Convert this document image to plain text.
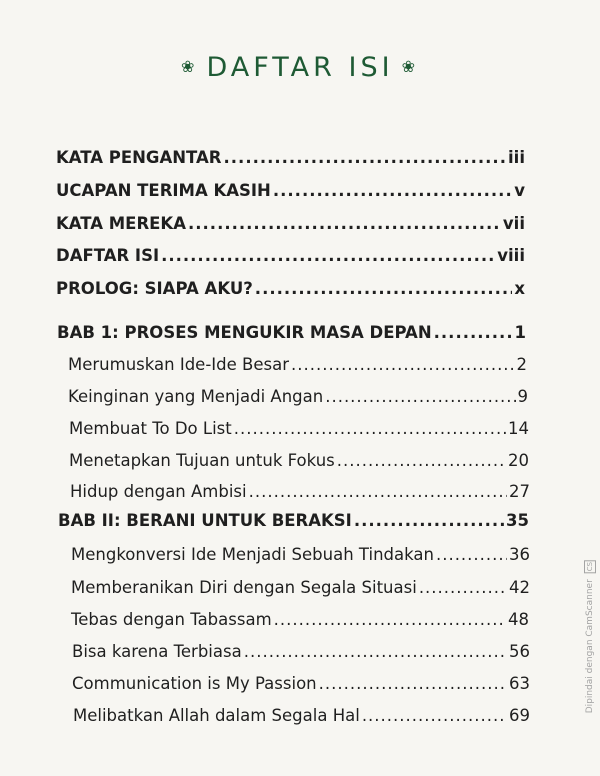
❀ DAFTAR ISI ❀
KATA PENGANTAR .....	iii
UCAPAN TERIMA KASIH .....	v
KATA MEREKA .....	vii
DAFTAR ISI .....	viii
PROLOG: SIAPA AKU? .....	x
BAB 1: PROSES MENGUKIR MASA DEPAN .....	1
Merumuskan Ide-Ide Besar .....	2
Keinginan yang Menjadi Angan .....	9
Membuat To Do List .....	14
Menetapkan Tujuan untuk Fokus .....	20
Hidup dengan Ambisi .....	27
BAB II: BERANI UNTUK BERAKSI .....	35
Mengkonversi Ide Menjadi Sebuah Tindakan .....	36
Memberanikan Diri dengan Segala Situasi .....	42
Tebas dengan Tabassam .....	48
Bisa karena Terbiasa .....	56
Communication is My Passion .....	63
Melibatkan Allah dalam Segala Hal .....	69
Dipindai dengan CamScanner CS
